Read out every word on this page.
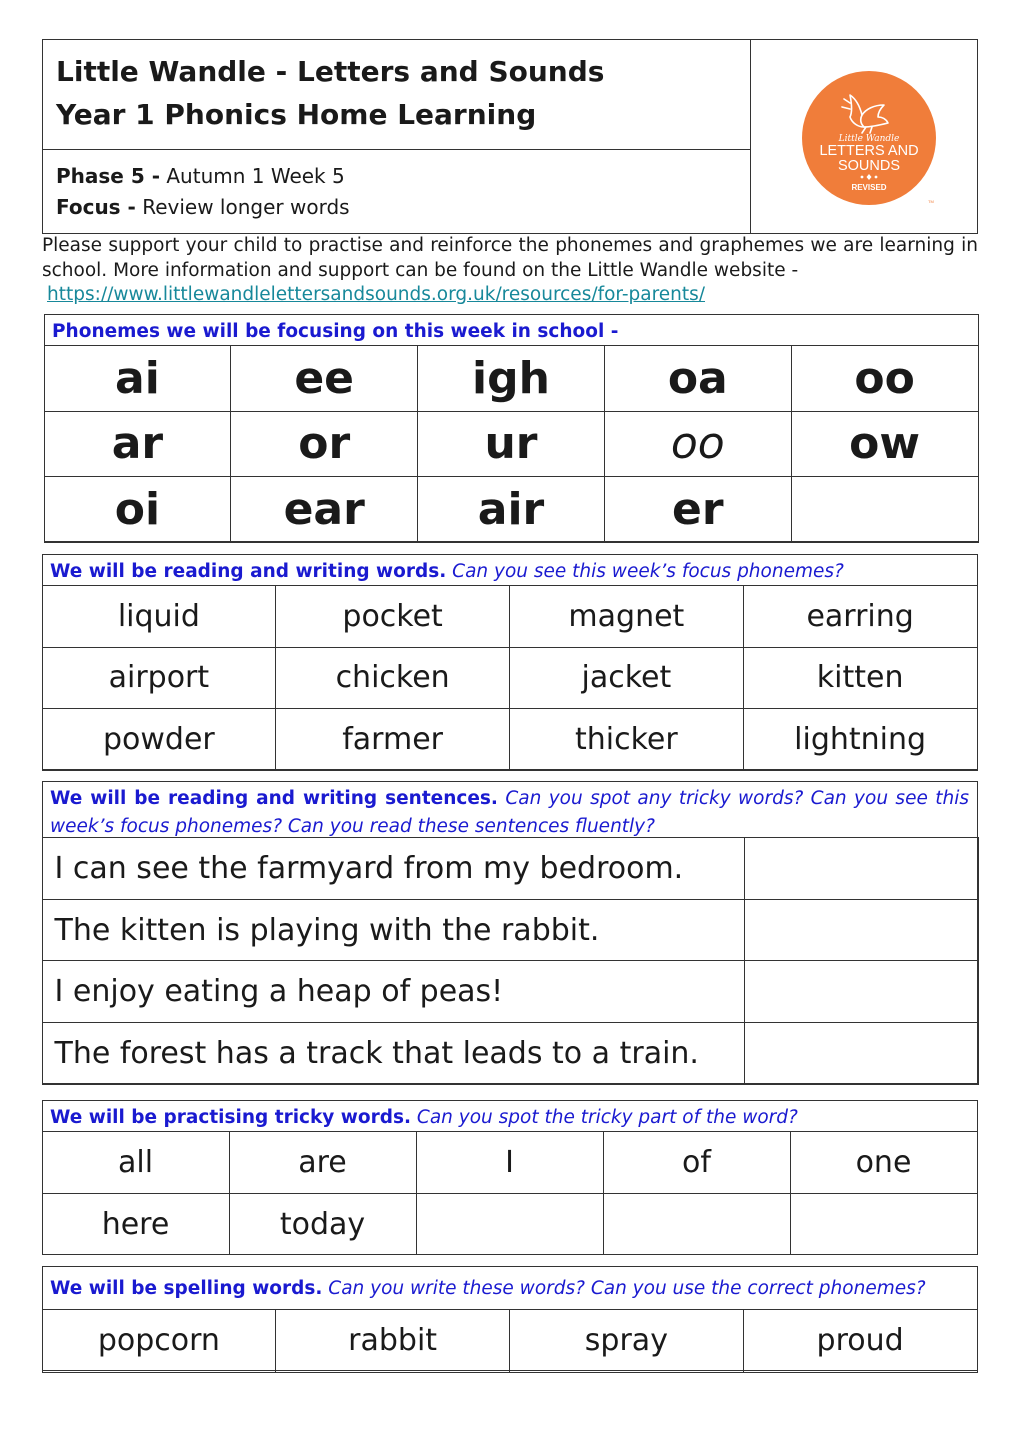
Little Wandle - Letters and Sounds
Year 1 Phonics Home Learning
Phase 5 - Autumn 1 Week 5
Focus - Review longer words
Little Wandle
LETTERS AND
SOUNDS
REVISED
TM
Please support your child to practise and reinforce the phonemes and graphemes we are learning in school. More information and support can be found on the Little Wandle website -
https://www.littlewandlelettersandsounds.org.uk/resources/for-parents/
Phonemes we will be focusing on this week in school -
ai	ee	igh	oa	oo
ar	or	ur	oo	ow
oi	ear	air	er	
We will be reading and writing words. Can you see this week’s focus phonemes?
liquid	pocket	magnet	earring
airport	chicken	jacket	kitten
powder	farmer	thicker	lightning
We will be reading and writing sentences. Can you spot any tricky words? Can you see this week’s focus phonemes? Can you read these sentences fluently?
I can see the farmyard from my bedroom.	
The kitten is playing with the rabbit.	
I enjoy eating a heap of peas!	
The forest has a track that leads to a train.	
We will be practising tricky words. Can you spot the tricky part of the word?
all	are	I	of	one
here	today			
We will be spelling words. Can you write these words? Can you use the correct phonemes?
popcorn	rabbit	spray	proud
